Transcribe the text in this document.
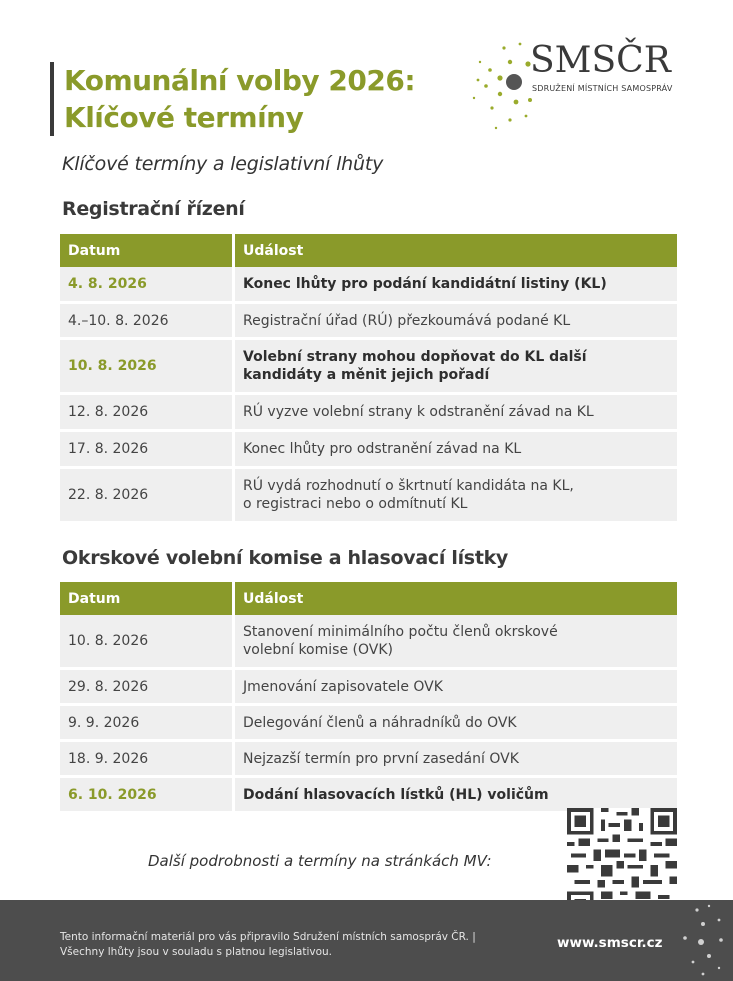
Komunální volby 2026:
Klíčové termíny
SMSČR
SDRUŽENÍ MÍSTNÍCH SAMOSPRÁV
Klíčové termíny a legislativní lhůty
Registrační řízení
Datum	Událost
4. 8. 2026	Konec lhůty pro podání kandidátní listiny (KL)
4.–10. 8. 2026	Registrační úřad (RÚ) přezkoumává podané KL
10. 8. 2026	Volební strany mohou dopňovat do KL další
kandidáty a měnit jejich pořadí

12. 8. 2026	RÚ vyzve volební strany k odstranění závad na KL
17. 8. 2026	Konec lhůty pro odstranění závad na KL
22. 8. 2026	RÚ vydá rozhodnutí o škrtnutí kandidáta na KL,
o registraci nebo o odmítnutí KL
Okrskové volební komise a hlasovací lístky
Datum	Událost
10. 8. 2026	Stanovení minimálního počtu členů okrskové
volební komise (OVK)

29. 8. 2026	Jmenování zapisovatele OVK
9. 9. 2026	Delegování členů a náhradníků do OVK
18. 9. 2026	Nejzazší termín pro první zasedání OVK
6. 10. 2026	Dodání hlasovacích lístků (HL) voličům
Další podrobnosti a termíny na stránkách MV:
Tento informační materiál pro vás připravilo Sdružení místních samospráv ČR. |
Všechny lhůty jsou v souladu s platnou legislativou.
www.smscr.cz
